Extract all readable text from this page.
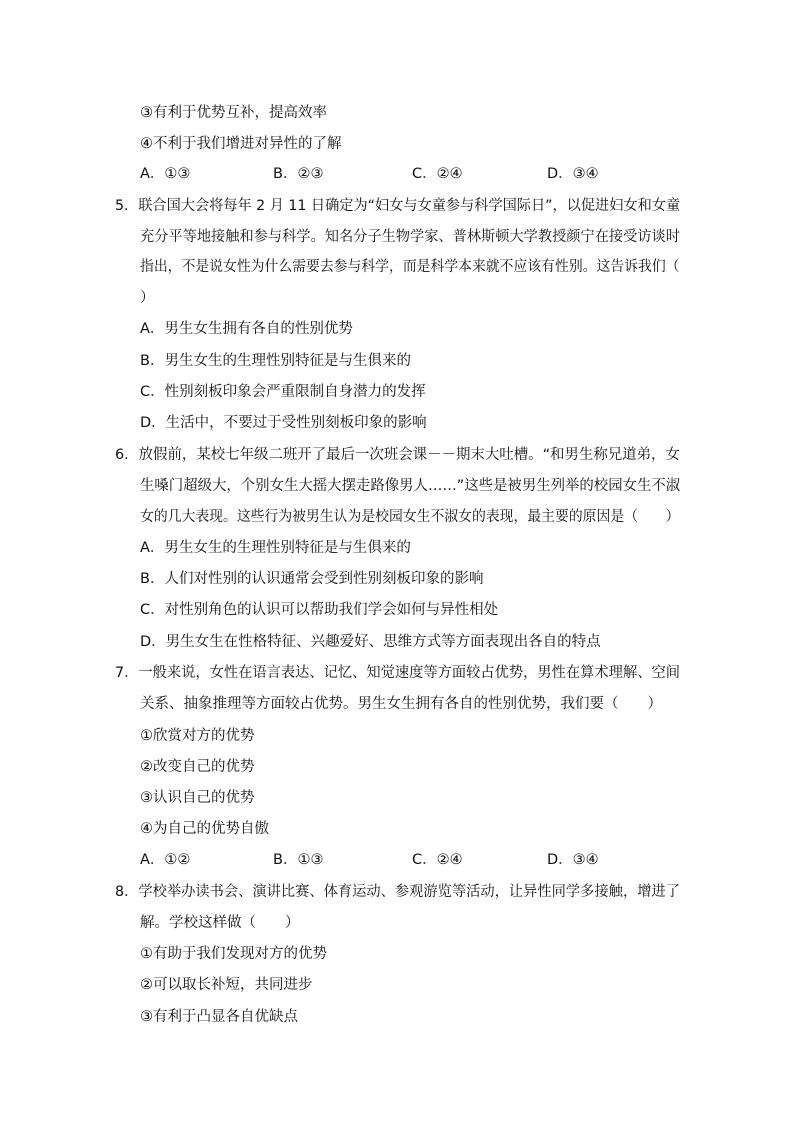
③有利于优势互补，提高效率
④不利于我们增进对异性的了解
A．①③	B．②③	C．②④	D．③④
5．联合国大会将每年 2 月 11 日确定为“妇女与女童参与科学国际日”，以促进妇女和女童
充分平等地接触和参与科学。知名分子生物学家、普林斯顿大学教授颜宁在接受访谈时
指出，不是说女性为什么需要去参与科学，而是科学本来就不应该有性别。这告诉我们（
）
A．男生女生拥有各自的性别优势
B．男生女生的生理性别特征是与生俱来的
C．性别刻板印象会严重限制自身潜力的发挥
D．生活中，不要过于受性别刻板印象的影响
6．放假前，某校七年级二班开了最后一次班会课－－期末大吐槽。“和男生称兄道弟，女
生嗓门超级大，个别女生大摇大摆走路像男人……”这些是被男生列举的校园女生不淑
女的几大表现。这些行为被男生认为是校园女生不淑女的表现，最主要的原因是（　　）
A．男生女生的生理性别特征是与生俱来的
B．人们对性别的认识通常会受到性别刻板印象的影响
C．对性别角色的认识可以帮助我们学会如何与异性相处
D．男生女生在性格特征、兴趣爱好、思维方式等方面表现出各自的特点
7．一般来说，女性在语言表达、记忆、知觉速度等方面较占优势，男性在算术理解、空间
关系、抽象推理等方面较占优势。男生女生拥有各自的性别优势，我们要（　　）
①欣赏对方的优势
②改变自己的优势
③认识自己的优势
④为自己的优势自傲
A．①②	B．①③	C．②④	D．③④
8．学校举办读书会、演讲比赛、体育运动、参观游览等活动，让异性同学多接触，增进了
解。学校这样做（　　）
①有助于我们发现对方的优势
②可以取长补短，共同进步
③有利于凸显各自优缺点
